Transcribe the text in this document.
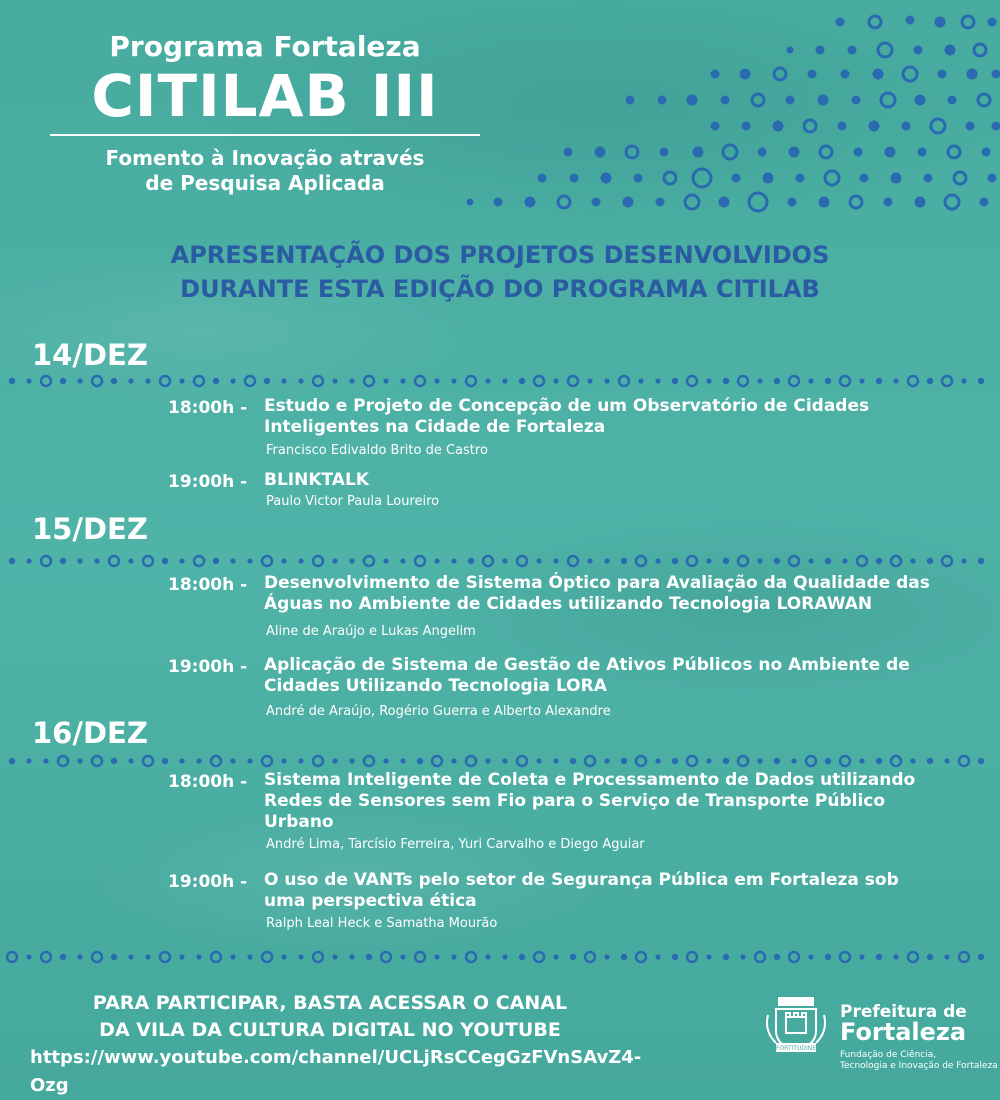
Programa Fortaleza
CITILAB III
Fomento à Inovação através
de Pesquisa Aplicada
APRESENTAÇÃO DOS PROJETOS DESENVOLVIDOS
DURANTE ESTA EDIÇÃO DO PROGRAMA CITILAB
14/DEZ
18:00h - Estudo e Projeto de Concepção de um Observatório de Cidades
Inteligentes na Cidade de Fortaleza
Francisco Edivaldo Brito de Castro
19:00h - BLINKTALK
Paulo Victor Paula Loureiro
15/DEZ
18:00h - Desenvolvimento de Sistema Óptico para Avaliação da Qualidade das
Águas no Ambiente de Cidades utilizando Tecnologia LORAWAN
Aline de Araújo e Lukas Angelim
19:00h - Aplicação de Sistema de Gestão de Ativos Públicos no Ambiente de
Cidades Utilizando Tecnologia LORA
André de Araújo, Rogério Guerra e Alberto Alexandre
16/DEZ
18:00h - Sistema Inteligente de Coleta e Processamento de Dados utilizando
Redes de Sensores sem Fio para o Serviço de Transporte Público
Urbano
André Lima, Tarcísio Ferreira, Yuri Carvalho e Diego Aguiar
19:00h - O uso de VANTs pelo setor de Segurança Pública em Fortaleza sob
uma perspectiva ética
Ralph Leal Heck e Samatha Mourão
PARA PARTICIPAR, BASTA ACESSAR O CANAL
DA VILA DA CULTURA DIGITAL NO YOUTUBE
https://www.youtube.com/channel/UCLjRsCCegGzFVnSAvZ4-Ozg
FORTITUDINE
Prefeitura de
Fortaleza
Fundação de Ciência,
Tecnologia e Inovação de Fortaleza
